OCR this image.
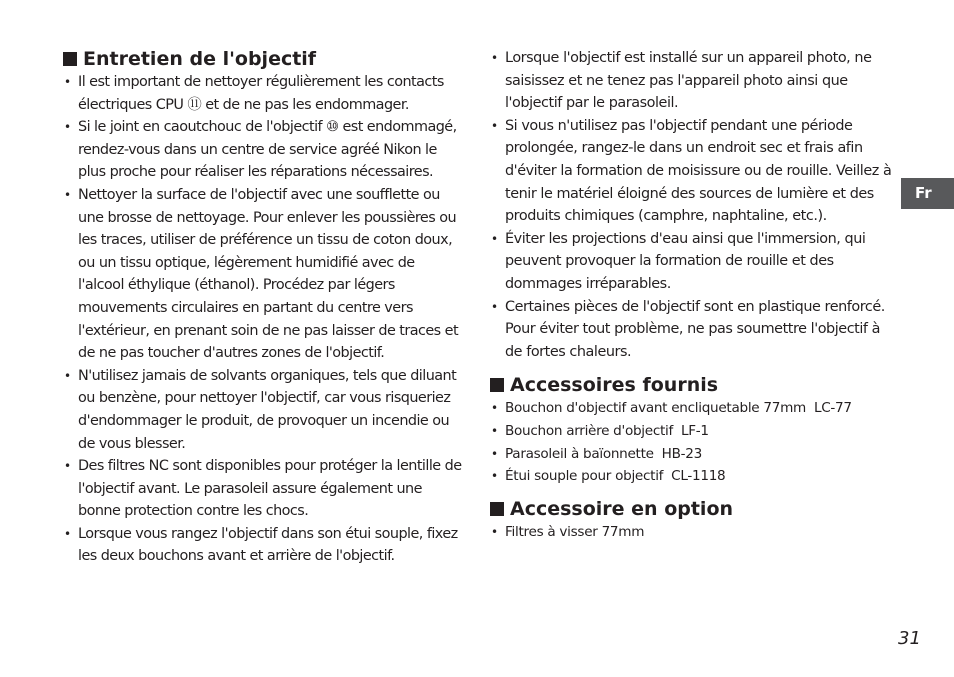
Entretien de l'objectif
• Il est important de nettoyer régulièrement les contacts électriques CPU ⑪ et de ne pas les endommager.
• Si le joint en caoutchouc de l'objectif ⑩ est endommagé, rendez-vous dans un centre de service agréé Nikon le plus proche pour réaliser les réparations nécessaires.
• Nettoyer la surface de l'objectif avec une soufflette ou une brosse de nettoyage. Pour enlever les poussières ou les traces, utiliser de préférence un tissu de coton doux, ou un tissu optique, légèrement humidifié avec de l'alcool éthylique (éthanol). Procédez par légers mouvements circulaires en partant du centre vers l'extérieur, en prenant soin de ne pas laisser de traces et de ne pas toucher d'autres zones de l'objectif.
• N'utilisez jamais de solvants organiques, tels que diluant ou benzène, pour nettoyer l'objectif, car vous risqueriez d'endommager le produit, de provoquer un incendie ou de vous blesser.
• Des filtres NC sont disponibles pour protéger la lentille de l'objectif avant. Le parasoleil assure également une bonne protection contre les chocs.
• Lorsque vous rangez l'objectif dans son étui souple, fixez les deux bouchons avant et arrière de l'objectif.
• Lorsque l'objectif est installé sur un appareil photo, ne saisissez et ne tenez pas l'appareil photo ainsi que l'objectif par le parasoleil.
• Si vous n'utilisez pas l'objectif pendant une période prolongée, rangez-le dans un endroit sec et frais afin d'éviter la formation de moisissure ou de rouille. Veillez à tenir le matériel éloigné des sources de lumière et des produits chimiques (camphre, naphtaline, etc.).
• Éviter les projections d'eau ainsi que l'immersion, qui peuvent provoquer la formation de rouille et des dommages irréparables.
• Certaines pièces de l'objectif sont en plastique renforcé. Pour éviter tout problème, ne pas soumettre l'objectif à de fortes chaleurs.
Accessoires fournis
• Bouchon d'objectif avant encliquetable 77mm LC-77
• Bouchon arrière d'objectif LF-1
• Parasoleil à baïonnette HB-23
• Étui souple pour objectif CL-1118
Accessoire en option
• Filtres à visser 77mm
Fr
31
